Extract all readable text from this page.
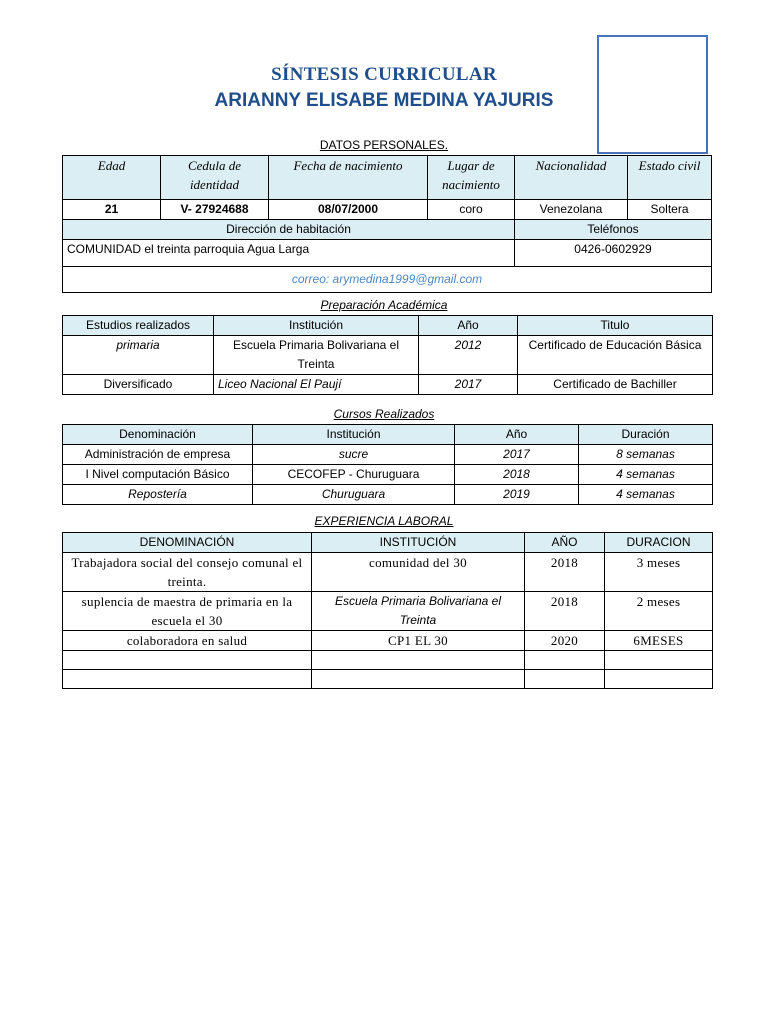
SÍNTESIS CURRICULAR
ARIANNY ELISABE MEDINA YAJURIS
DATOS PERSONALES.
Edad	Cedula de identidad	Fecha de nacimiento	Lugar de nacimiento	Nacionalidad	Estado civil
21	V- 27924688	08/07/2000	coro	Venezolana	Soltera
Dirección de habitación				Teléfonos	
COMUNIDAD el treinta parroquia Agua Larga				0426-0602929	
correo: arymedina1999@gmail.com					
Preparación Académica
Estudios realizados	Institución	Año	Titulo
primaria	Escuela Primaria Bolivariana el Treinta	2012	Certificado de Educación Básica
Diversificado	Liceo Nacional El Paují	2017	Certificado de Bachiller
Cursos Realizados
Denominación	Institución	Año	Duración
Administración de empresa	sucre	2017	8 semanas
I Nivel computación Básico	CECOFEP - Churuguara	2018	4 semanas
Repostería	Churuguara	2019	4 semanas
EXPERIENCIA LABORAL
DENOMINACIÓN	INSTITUCIÓN	AÑO	DURACION
Trabajadora social del consejo comunal el treinta.	comunidad del 30	2018	3 meses
suplencia de maestra de primaria en la escuela el 30	Escuela Primaria Bolivariana el Treinta	2018	2 meses
colaboradora en salud	CP1 EL 30	2020	6MESES
